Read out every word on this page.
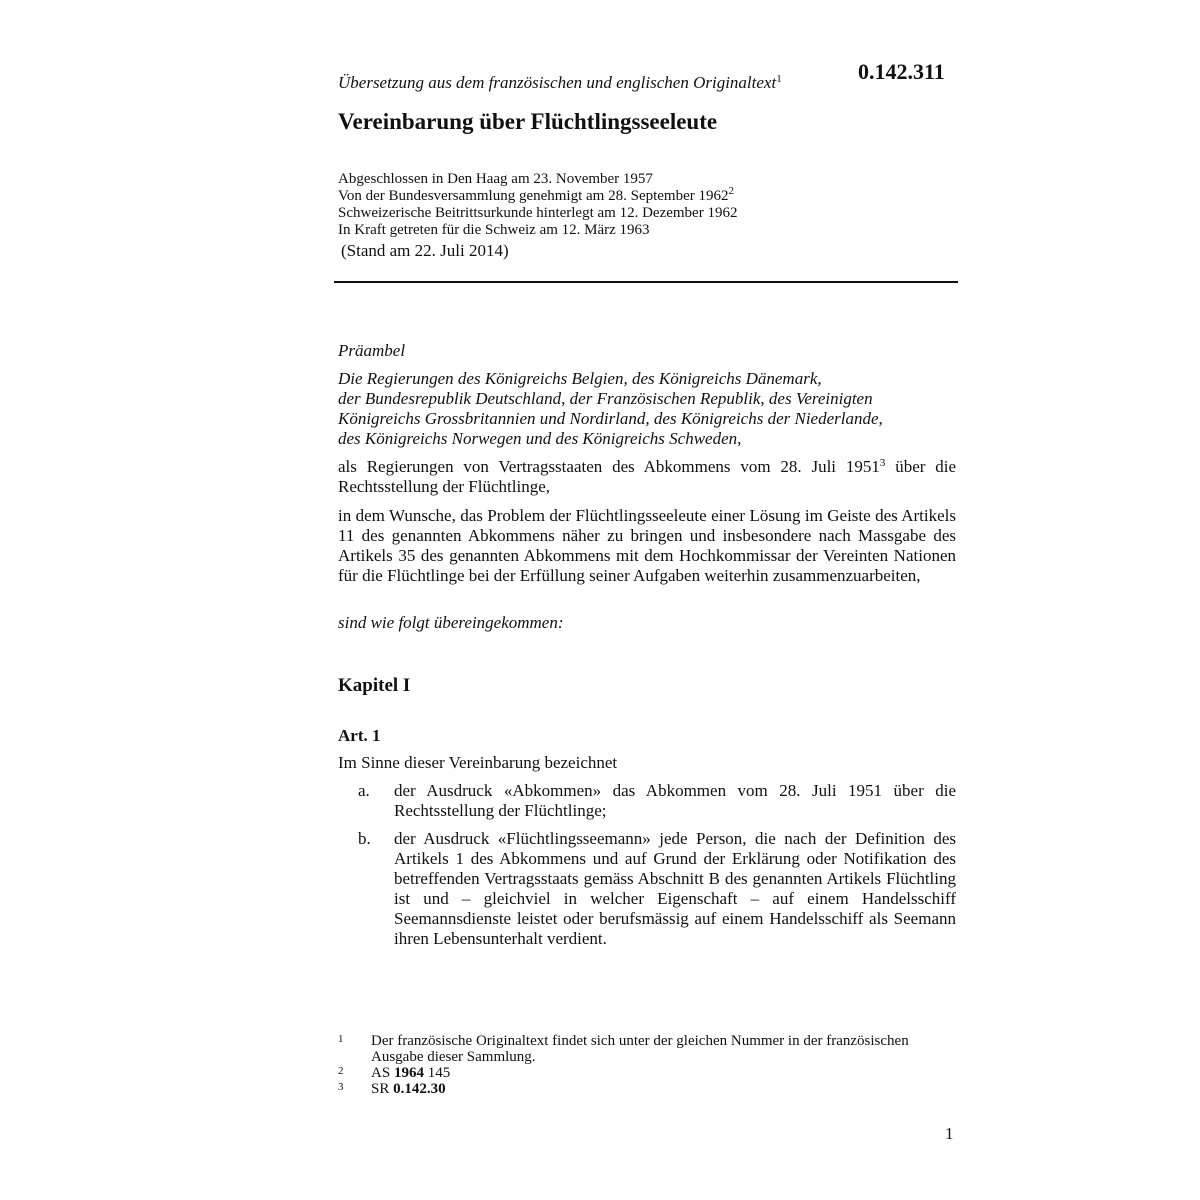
0.142.311
Übersetzung aus dem französischen und englischen Originaltext$^1$
Vereinbarung über Flüchtlingsseeleute
Abgeschlossen in Den Haag am 23. November 1957
Von der Bundesversammlung genehmigt am 28. September 1962$^2$
Schweizerische Beitrittsurkunde hinterlegt am 12. Dezember 1962
In Kraft getreten für die Schweiz am 12. März 1963
(Stand am 22. Juli 2014)
Präambel
Die Regierungen des Königreichs Belgien, des Königreichs Dänemark,
der Bundesrepublik Deutschland, der Französischen Republik, des Vereinigten
Königreichs Grossbritannien und Nordirland, des Königreichs der Niederlande,
des Königreichs Norwegen und des Königreichs Schweden,
als Regierungen von Vertragsstaaten des Abkommens vom 28. Juli 1951$^3$ über die Rechtsstellung der Flüchtlinge,
in dem Wunsche, das Problem der Flüchtlingsseeleute einer Lösung im Geiste des Artikels 11 des genannten Abkommens näher zu bringen und insbesondere nach Massgabe des Artikels 35 des genannten Abkommens mit dem Hochkommissar der Vereinten Nationen für die Flüchtlinge bei der Erfüllung seiner Aufgaben weiterhin zusammenzuarbeiten,
sind wie folgt übereingekommen:
Kapitel I
Art. 1
Im Sinne dieser Vereinbarung bezeichnet
a. der Ausdruck «Abkommen» das Abkommen vom 28. Juli 1951 über die Rechtsstellung der Flüchtlinge;
b. der Ausdruck «Flüchtlingsseemann» jede Person, die nach der Definition des Artikels 1 des Abkommens und auf Grund der Erklärung oder Notifikation des betreffenden Vertragsstaats gemäss Abschnitt B des genannten Artikels Flüchtling ist und – gleichviel in welcher Eigenschaft – auf einem Handelsschiff Seemannsdienste leistet oder berufsmässig auf einem Handelsschiff als Seemann ihren Lebensunterhalt verdient.
1 Der französische Originaltext findet sich unter der gleichen Nummer in der französischen Ausgabe dieser Sammlung.
2 AS 1964 145
3 SR 0.142.30
1
